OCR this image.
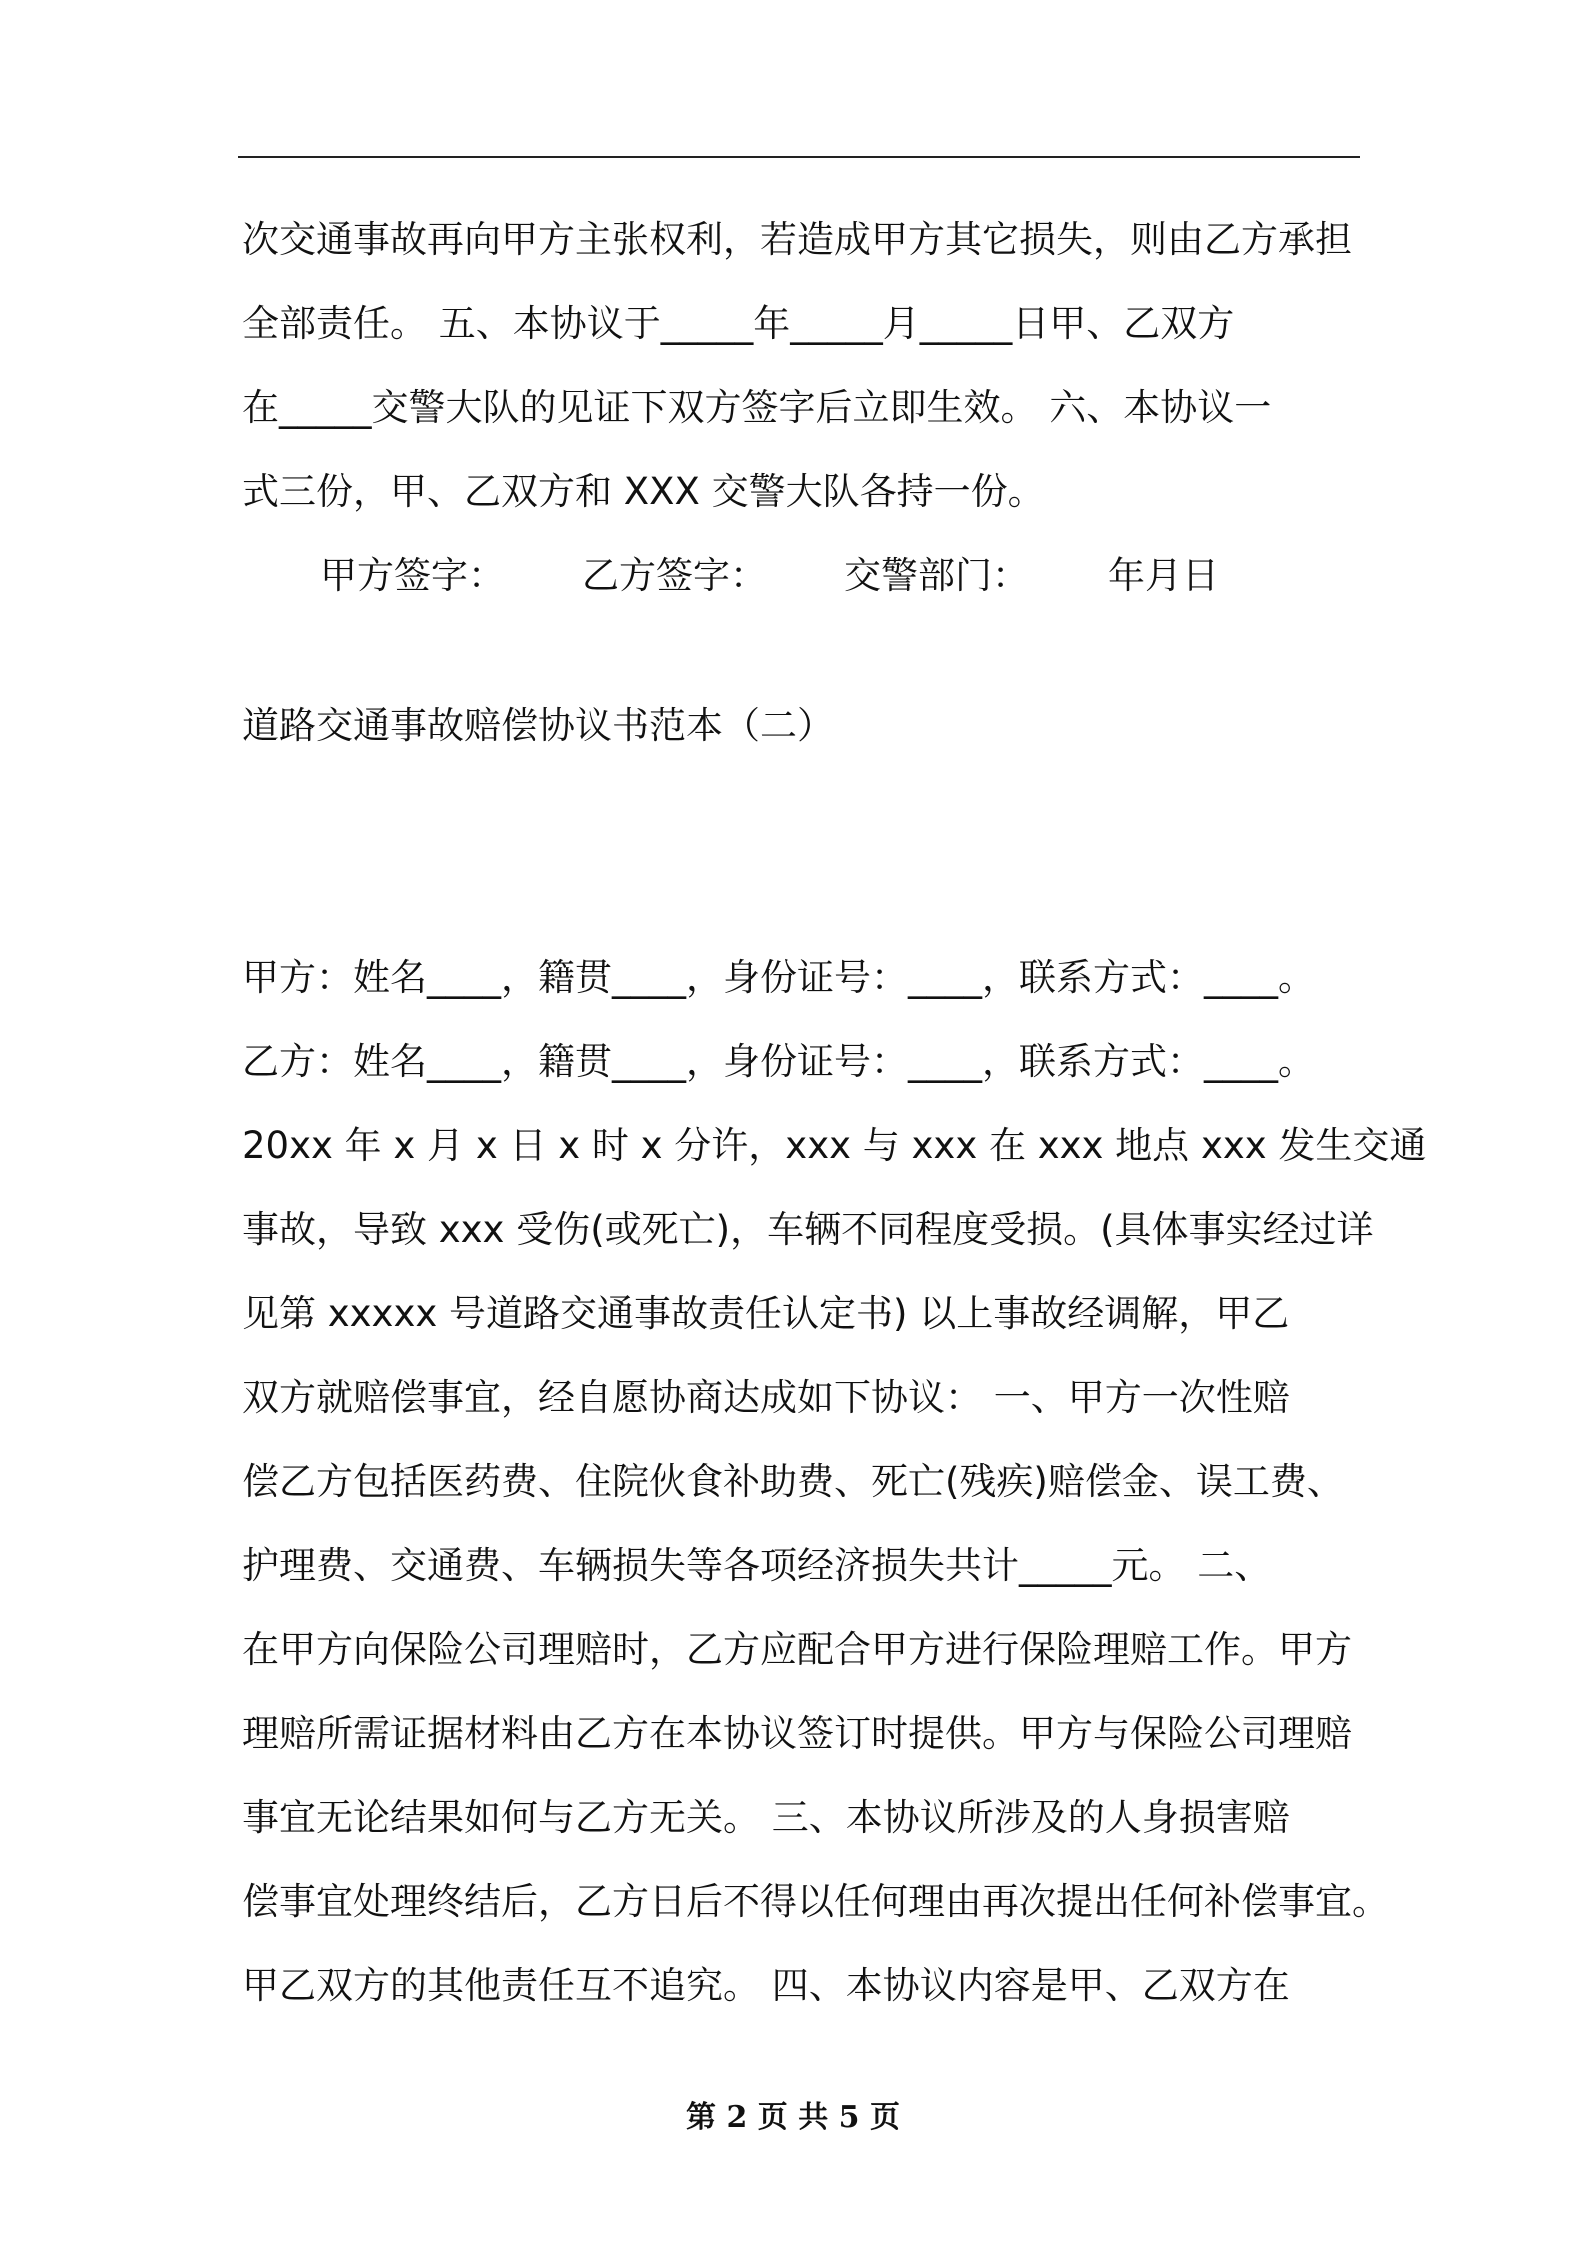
次交通事故再向甲方主张权利，若造成甲方其它损失，则由乙方承担
全部责任。 五、本协议于_____年_____月_____日甲、乙双方
在_____交警大队的见证下双方签字后立即生效。 六、本协议一
式三份，甲、乙双方和 XXX 交警大队各持一份。
甲方签字：	乙方签字：	交警部门：	年月日
道路交通事故赔偿协议书范本（二）
甲方：姓名____，籍贯____，身份证号：____，联系方式：____。
乙方：姓名____，籍贯____，身份证号：____，联系方式：____。
20xx 年 x 月 x 日 x 时 x 分许，xxx 与 xxx 在 xxx 地点 xxx 发生交通
事故，导致 xxx 受伤(或死亡)，车辆不同程度受损。(具体事实经过详
见第 xxxxx 号道路交通事故责任认定书) 以上事故经调解，甲乙
双方就赔偿事宜，经自愿协商达成如下协议： 一、甲方一次性赔
偿乙方包括医药费、住院伙食补助费、死亡(残疾)赔偿金、误工费、
护理费、交通费、车辆损失等各项经济损失共计_____元。 二、
在甲方向保险公司理赔时，乙方应配合甲方进行保险理赔工作。甲方
理赔所需证据材料由乙方在本协议签订时提供。甲方与保险公司理赔
事宜无论结果如何与乙方无关。 三、本协议所涉及的人身损害赔
偿事宜处理终结后，乙方日后不得以任何理由再次提出任何补偿事宜。
甲乙双方的其他责任互不追究。 四、本协议内容是甲、乙双方在
第 2 页 共 5 页
